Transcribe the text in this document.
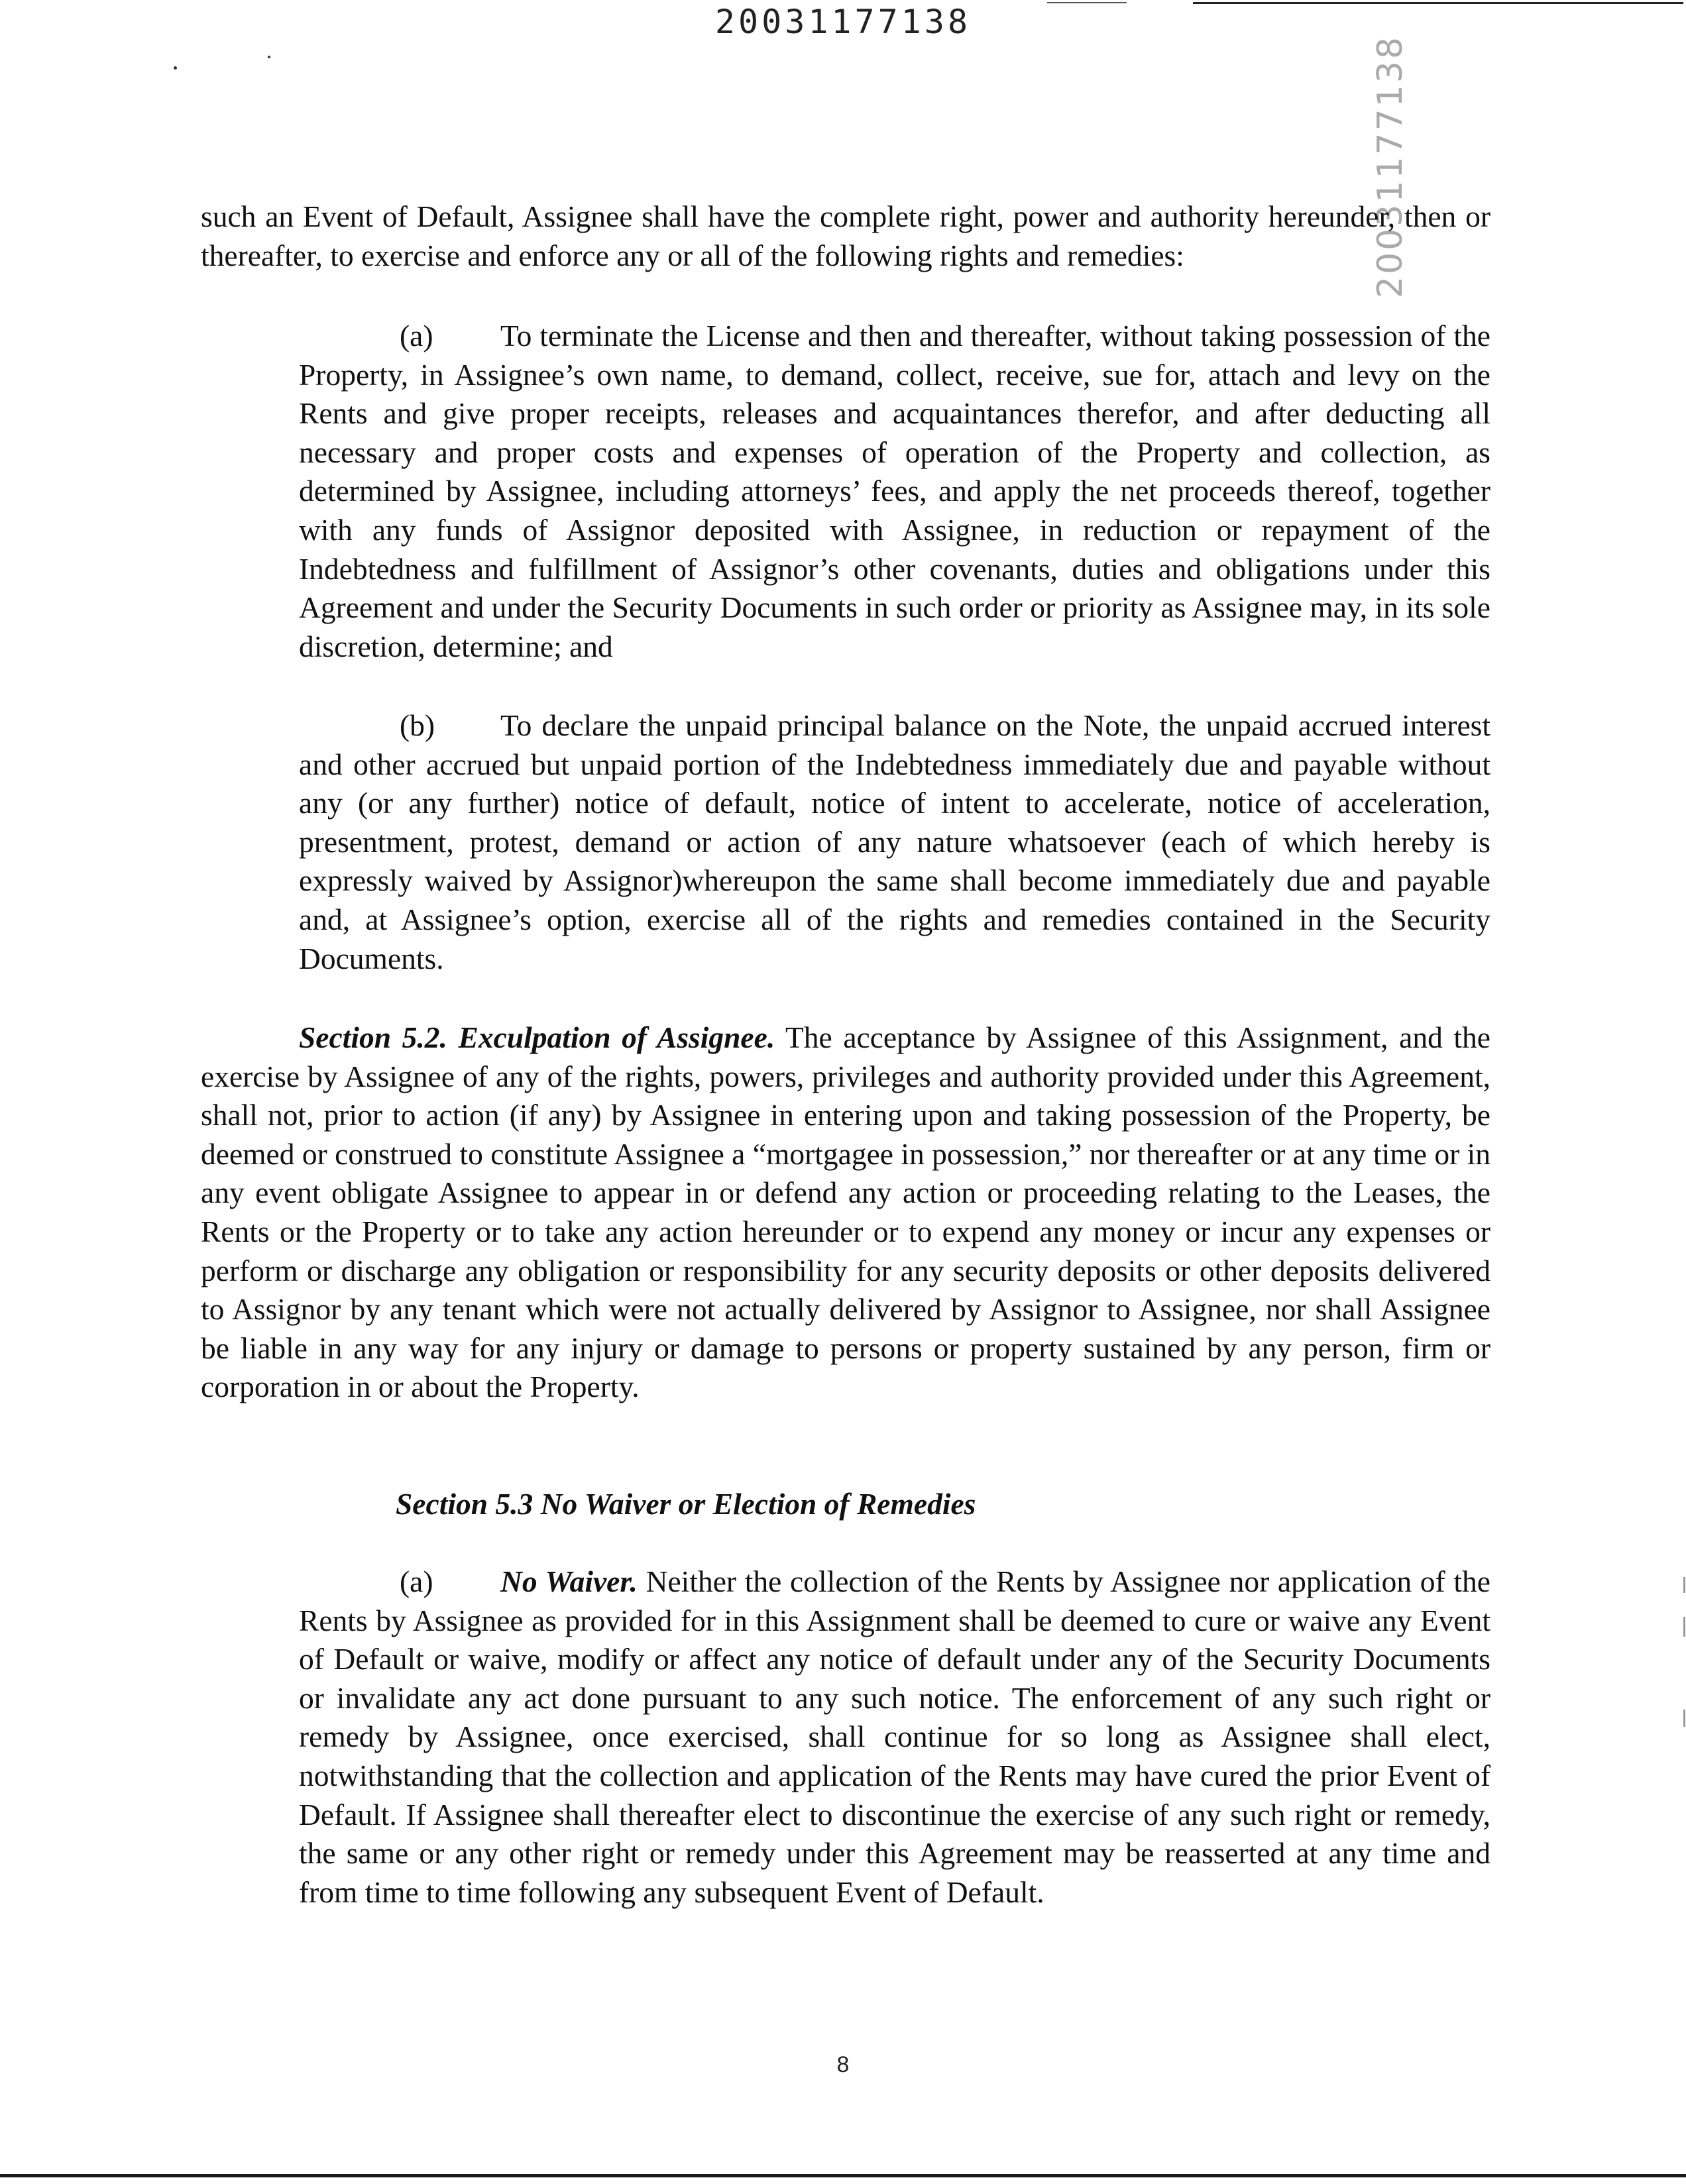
20031177138
20031177138

such an Event of Default, Assignee shall have the complete right, power and authority hereunder, then or thereafter, to exercise and enforce any or all of the following rights and remedies:

(a) To terminate the License and then and thereafter, without taking possession of the Property, in Assignee’s own name, to demand, collect, receive, sue for, attach and levy on the Rents and give proper receipts, releases and acquaintances therefor, and after deducting all necessary and proper costs and expenses of operation of the Property and collection, as determined by Assignee, including attorneys’ fees, and apply the net proceeds thereof, together with any funds of Assignor deposited with Assignee, in reduction or repayment of the Indebtedness and fulfillment of Assignor’s other covenants, duties and obligations under this Agreement and under the Security Documents in such order or priority as Assignee may, in its sole discretion, determine; and

(b) To declare the unpaid principal balance on the Note, the unpaid accrued interest and other accrued but unpaid portion of the Indebtedness immediately due and payable without any (or any further) notice of default, notice of intent to accelerate, notice of acceleration, presentment, protest, demand or action of any nature whatsoever (each of which hereby is expressly waived by Assignor)whereupon the same shall become immediately due and payable and, at Assignee’s option, exercise all of the rights and remedies contained in the Security Documents.

Section 5.2. Exculpation of Assignee. The acceptance by Assignee of this Assignment, and the exercise by Assignee of any of the rights, powers, privileges and authority provided under this Agreement, shall not, prior to action (if any) by Assignee in entering upon and taking possession of the Property, be deemed or construed to constitute Assignee a “mortgagee in possession,” nor thereafter or at any time or in any event obligate Assignee to appear in or defend any action or proceeding relating to the Leases, the Rents or the Property or to take any action hereunder or to expend any money or incur any expenses or perform or discharge any obligation or responsibility for any security deposits or other deposits delivered to Assignor by any tenant which were not actually delivered by Assignor to Assignee, nor shall Assignee be liable in any way for any injury or damage to persons or property sustained by any person, firm or corporation in or about the Property.

Section 5.3 No Waiver or Election of Remedies

(a) No Waiver. Neither the collection of the Rents by Assignee nor application of the Rents by Assignee as provided for in this Assignment shall be deemed to cure or waive any Event of Default or waive, modify or affect any notice of default under any of the Security Documents or invalidate any act done pursuant to any such notice. The enforcement of any such right or remedy by Assignee, once exercised, shall continue for so long as Assignee shall elect, notwithstanding that the collection and application of the Rents may have cured the prior Event of Default. If Assignee shall thereafter elect to discontinue the exercise of any such right or remedy, the same or any other right or remedy under this Agreement may be reasserted at any time and from time to time following any subsequent Event of Default.

8
